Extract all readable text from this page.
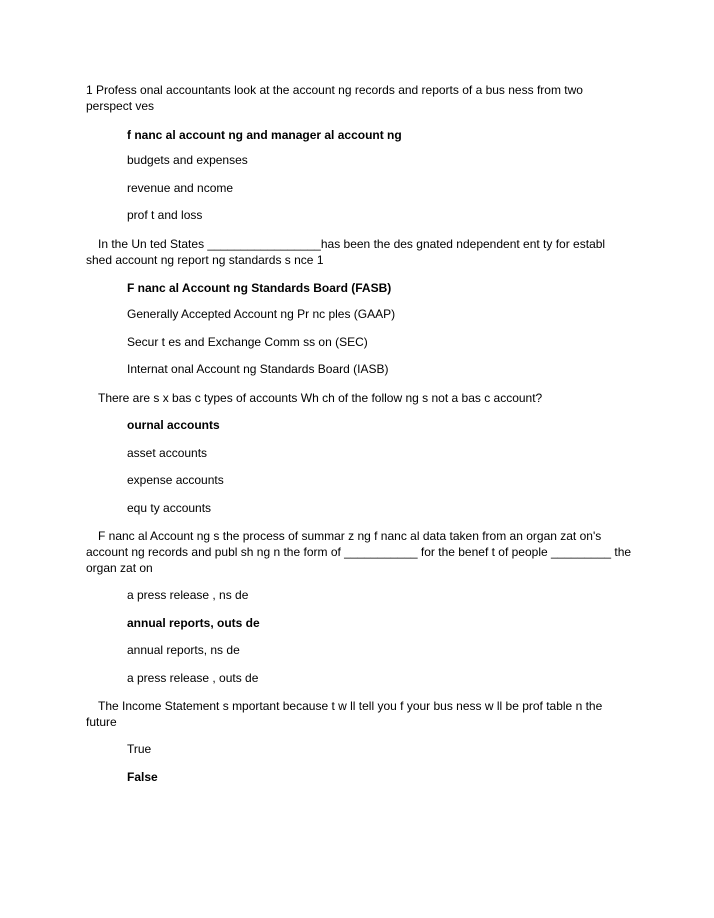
1 Profess onal accountants look at the account ng records and reports of a bus ness from two perspect ves

f nanc al account ng and manager al account ng

budgets and expenses

revenue and ncome

prof t and loss

In the Un ted States _________________has been the des gnated ndependent ent ty for establ shed account ng report ng standards s nce 1

F nanc al Account ng Standards Board (FASB)

Generally Accepted Account ng Pr nc ples (GAAP)

Secur t es and Exchange Comm ss on (SEC)

Internat onal Account ng Standards Board (IASB)

There are s x bas c types of accounts Wh ch of the follow ng s not a bas c account?

ournal accounts

asset accounts

expense accounts

equ ty accounts

F nanc al Account ng s the process of summar z ng f nanc al data taken from an organ zat on's account ng records and publ sh ng n the form of ___________ for the benef t of people _________ the organ zat on

a press release , ns de

annual reports, outs de

annual reports, ns de

a press release , outs de

The Income Statement s mportant because t w ll tell you f your bus ness w ll be prof table n the future

True

False
